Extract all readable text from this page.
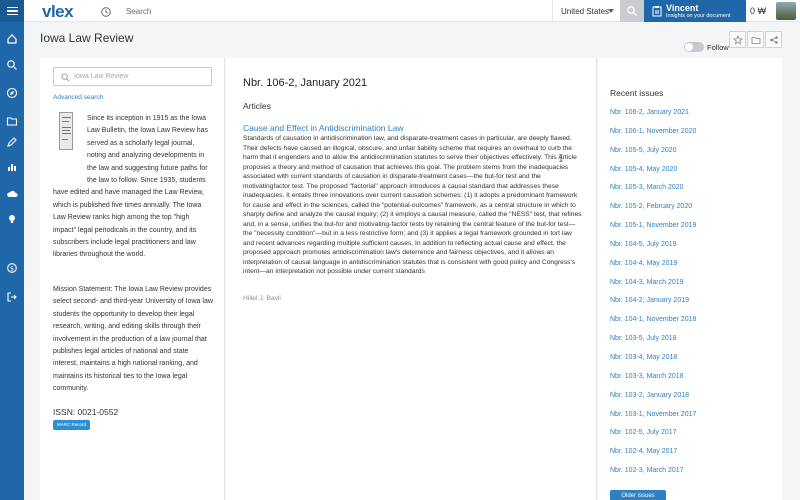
$
vlex	Search	United States	Vincent
Insights on your document 0 ₩
Iowa Law Review
Follow
Iowa Law Review
Advanced search

Since its inception in 1915 as the Iowa Law Bulletin, the Iowa Law Review has served as a scholarly legal journal, noting and analyzing developments in the law and suggesting future paths for the law to follow. Since 1935, students have edited and have managed the Law Review, which is published five times annually. The Iowa Law Review ranks high among the top "high impact" legal periodicals in the country, and its subscribers include legal practitioners and law libraries throughout the world.

Mission Statement: The Iowa Law Review provides select second- and third-year University of Iowa law students the opportunity to develop their legal research, writing, and editing skills through their involvement in the production of a law journal that publishes legal articles of national and state interest, maintains a high national ranking, and maintains its historical ties to the Iowa legal community.

ISSN: 0021-0552
MARC Record
Nbr. 106-2, January 2021
Articles
Cause and Effect in Antidiscrimination Law

Standards of causation in antidiscrimination law, and disparate-treatment cases in particular, are deeply flawed. Their defects have caused an illogical, obscure, and unfair liability scheme that requires an overhaul to curb the harm that it engenders and to allow the antidiscrimination statutes to serve their objectives effectively. This Article proposes a theory and method of causation that achieves this goal. The problem stems from the inadequacies associated with current standards of causation in disparate-treatment cases—the but-for test and the motivatingfactor test. The proposed "factorial" approach introduces a causal standard that addresses these inadequacies. It entails three innovations over current causation schemes: (1) it adopts a predominant framework for cause and effect in the sciences, called the "potential-outcomes" framework, as a central structure in which to sharply define and analyze the causal inquiry; (2) it employs a causal measure, called the "NESS" test, that refines and, in a sense, unifies the but-for and motivating-factor tests by retaining the central feature of the but-for test—the "necessity condition"—but in a less restrictive form; and (3) it applies a legal framework grounded in tort law and recent advances regarding multiple sufficient causes. In addition to reflecting actual cause and effect, the proposed approach promotes antidiscrimination law's deterrence and fairness objectives, and it allows an interpretation of causal language in antidiscrimination statutes that is consistent with good policy and Congress's intent—an interpretation not possible under current standards

Hillel J. Bavli
Recent issues
Nbr. 106-2, January 2021
Nbr. 106-1, November 2020
Nbr. 105-5, July 2020
Nbr. 105-4, May 2020
Nbr. 105-3, March 2020
Nbr. 105-2, February 2020
Nbr. 105-1, November 2019
Nbr. 104-5, July 2019
Nbr. 104-4, May 2019
Nbr. 104-3, March 2019
Nbr. 104-2, January 2019
Nbr. 104-1, November 2018
Nbr. 103-5, July 2018
Nbr. 103-4, May 2018
Nbr. 103-3, March 2018
Nbr. 103-2, January 2018
Nbr. 103-1, November 2017
Nbr. 102-5, July 2017
Nbr. 102-4, May 2017
Nbr. 102-3, March 2017
Older issues
